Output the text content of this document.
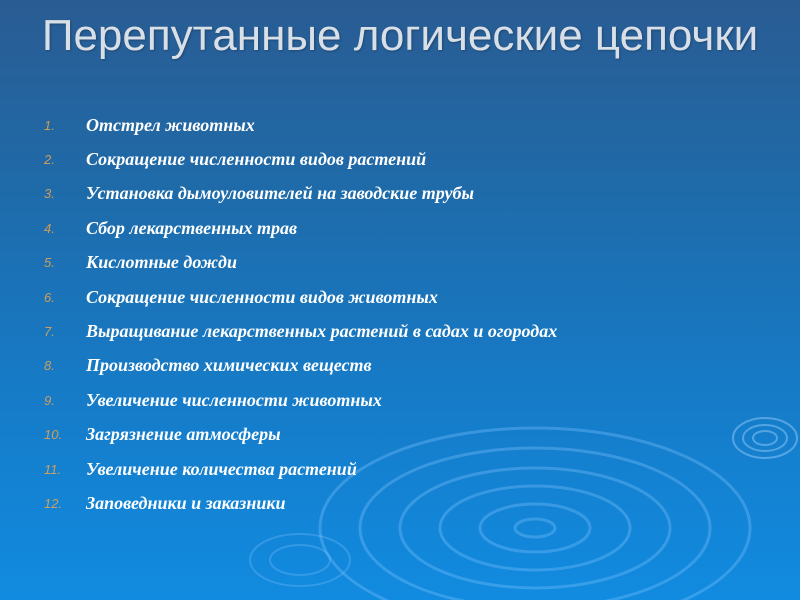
Перепутанные логические цепочки
1.	Отстрел животных
2.	Сокращение численности видов растений
3.	Установка дымоуловителей на заводские трубы
4.	Сбор лекарственных трав
5.	Кислотные дожди
6.	Сокращение численности видов животных
7.	Выращивание лекарственных растений в садах и огородах
8.	Производство химических веществ
9.	Увеличение численности животных
10.	Загрязнение атмосферы
11.	Увеличение количества растений
12.	Заповедники и заказники
